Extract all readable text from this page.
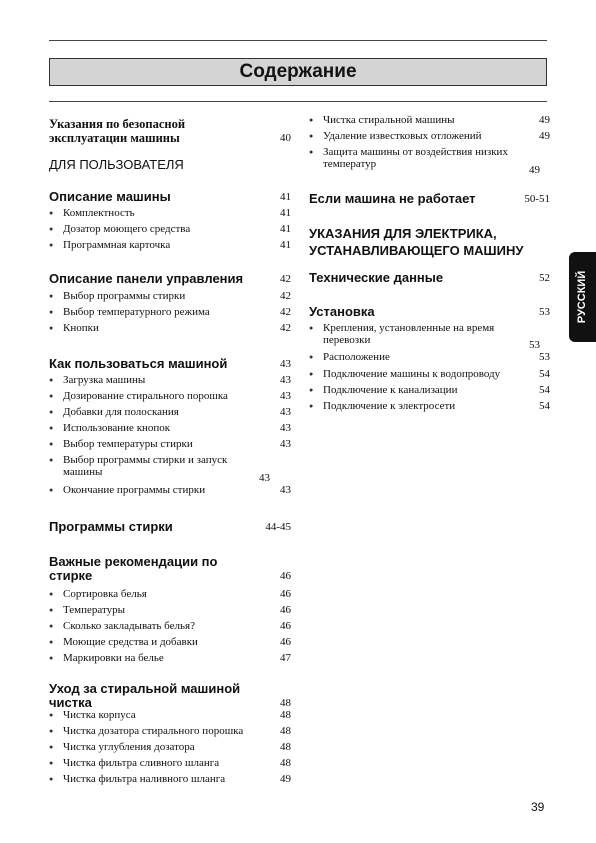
Содержание
Указания по безопасной эксплуатации машины	40
ДЛЯ ПОЛЬЗОВАТЕЛЯ
Описание машины	41
● Комплектность	41
● Дозатор моющего средства	41
● Программная карточка	41
Описание панели управления	42
● Выбор программы стирки	42
● Выбор температурного режима	42
● Кнопки	42
Как пользоваться машиной	43
● Загрузка машины	43
● Дозирование стирального порошка	43
● Добавки для полоскания	43
● Использование кнопок	43
● Выбор температуры стирки	43
● Выбор программы стирки и запуск машины	43
● Окончание программы стирки	43
Программы стирки	44-45
Важные рекомендации по стирке	46
● Сортировка белья	46
● Температуры	46
● Сколько закладывать белья?	46
● Моющие средства и добавки	46
● Маркировки на белье	47
Уход за стиральной машиной чистка	48
● Чистка корпуса	48
● Чистка дозатора стирального порошка	48
● Чистка углубления дозатора	48
● Чистка фильтра сливного шланга	48
● Чистка фильтра наливного шланга	49
● Чистка стиральной машины	49
● Удаление известковых отложений	49
● Защита машины от воздействия низких температур	49
Если машина не работает	50-51
УКАЗАНИЯ ДЛЯ ЭЛЕКТРИКА, УСТАНАВЛИВАЮЩЕГО МАШИНУ
Технические данные	52
Установка	53
● Крепления, установленные на время перевозки	53
● Расположение	53
● Подключение машины к водопроводу	54
● Подключение к канализации	54
● Подключение к электросети	54
РУССКИЙ
39
